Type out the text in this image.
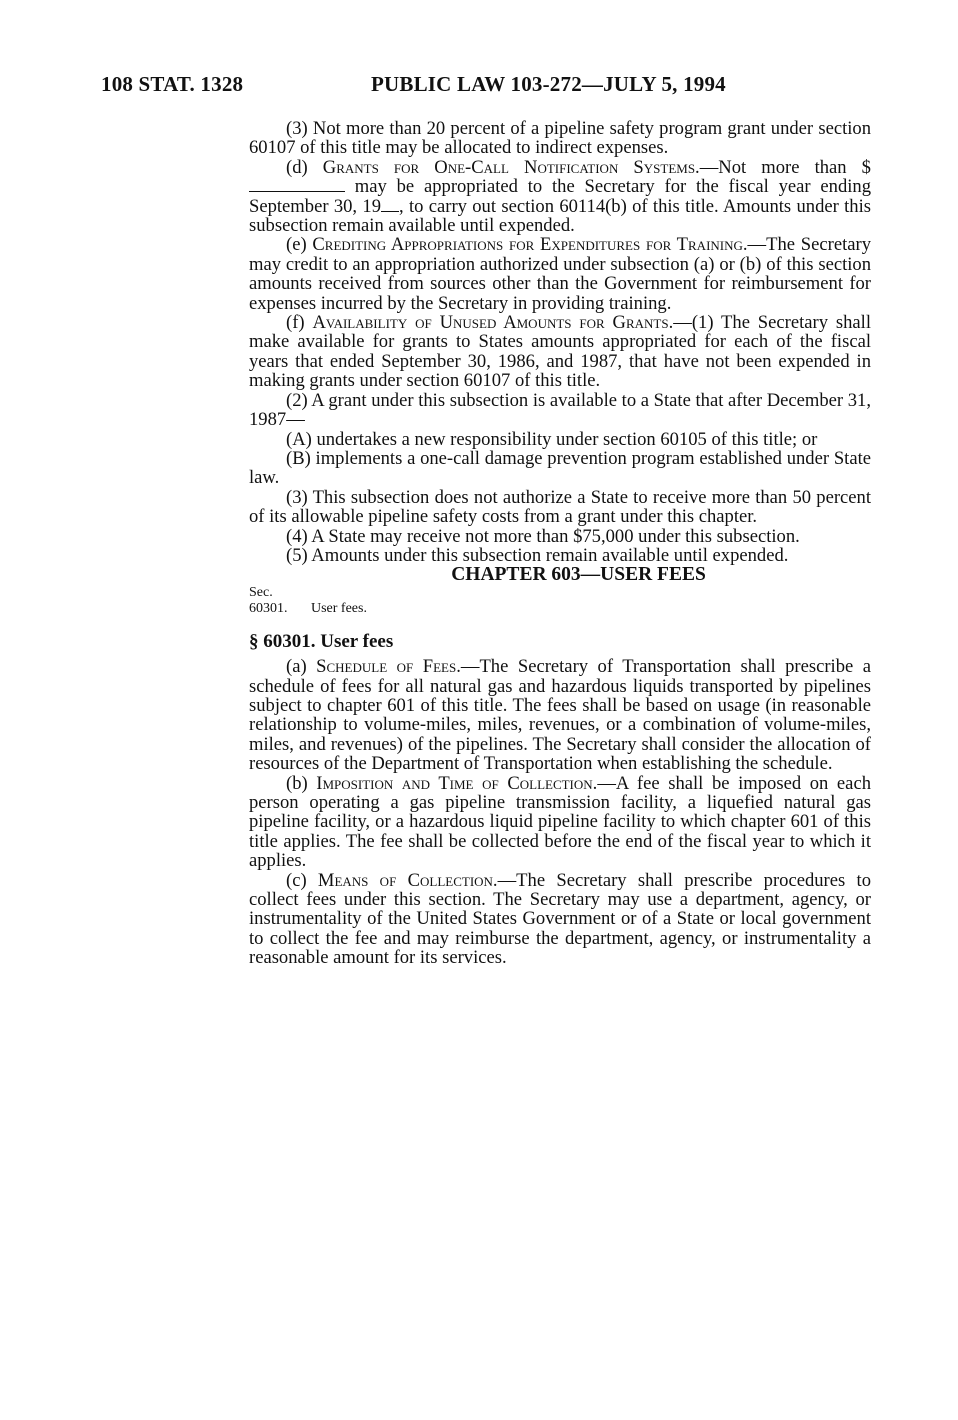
108 STAT. 1328	PUBLIC LAW 103-272—JULY 5, 1994

(3) Not more than 20 percent of a pipeline safety program grant under section 60107 of this title may be allocated to indirect expenses.

(d) Grants for One-Call Notification Systems.—Not more than $ may be appropriated to the Secretary for the fiscal year ending September 30, 19 , to carry out section 60114(b) of this title. Amounts under this subsection remain available until expended.

(e) Crediting Appropriations for Expenditures for Training.—The Secretary may credit to an appropriation authorized under subsection (a) or (b) of this section amounts received from sources other than the Government for reimbursement for expenses incurred by the Secretary in providing training.

(f) Availability of Unused Amounts for Grants.—(1) The Secretary shall make available for grants to States amounts appropriated for each of the fiscal years that ended September 30, 1986, and 1987, that have not been expended in making grants under section 60107 of this title.

(2) A grant under this subsection is available to a State that after December 31, 1987—

(A) undertakes a new responsibility under section 60105 of this title; or

(B) implements a one-call damage prevention program established under State law.

(3) This subsection does not authorize a State to receive more than 50 percent of its allowable pipeline safety costs from a grant under this chapter.

(4) A State may receive not more than $75,000 under this subsection.

(5) Amounts under this subsection remain available until expended.

CHAPTER 603—USER FEES

Sec.
60301. User fees.
§ 60301. User fees

(a) Schedule of Fees.—The Secretary of Transportation shall prescribe a schedule of fees for all natural gas and hazardous liquids transported by pipelines subject to chapter 601 of this title. The fees shall be based on usage (in reasonable relationship to volume-miles, miles, revenues, or a combination of volume-miles, miles, and revenues) of the pipelines. The Secretary shall consider the allocation of resources of the Department of Transportation when establishing the schedule.

(b) Imposition and Time of Collection.—A fee shall be imposed on each person operating a gas pipeline transmission facility, a liquefied natural gas pipeline facility, or a hazardous liquid pipeline facility to which chapter 601 of this title applies. The fee shall be collected before the end of the fiscal year to which it applies.

(c) Means of Collection.—The Secretary shall prescribe procedures to collect fees under this section. The Secretary may use a department, agency, or instrumentality of the United States Government or of a State or local government to collect the fee and may reimburse the department, agency, or instrumentality a reasonable amount for its services.
